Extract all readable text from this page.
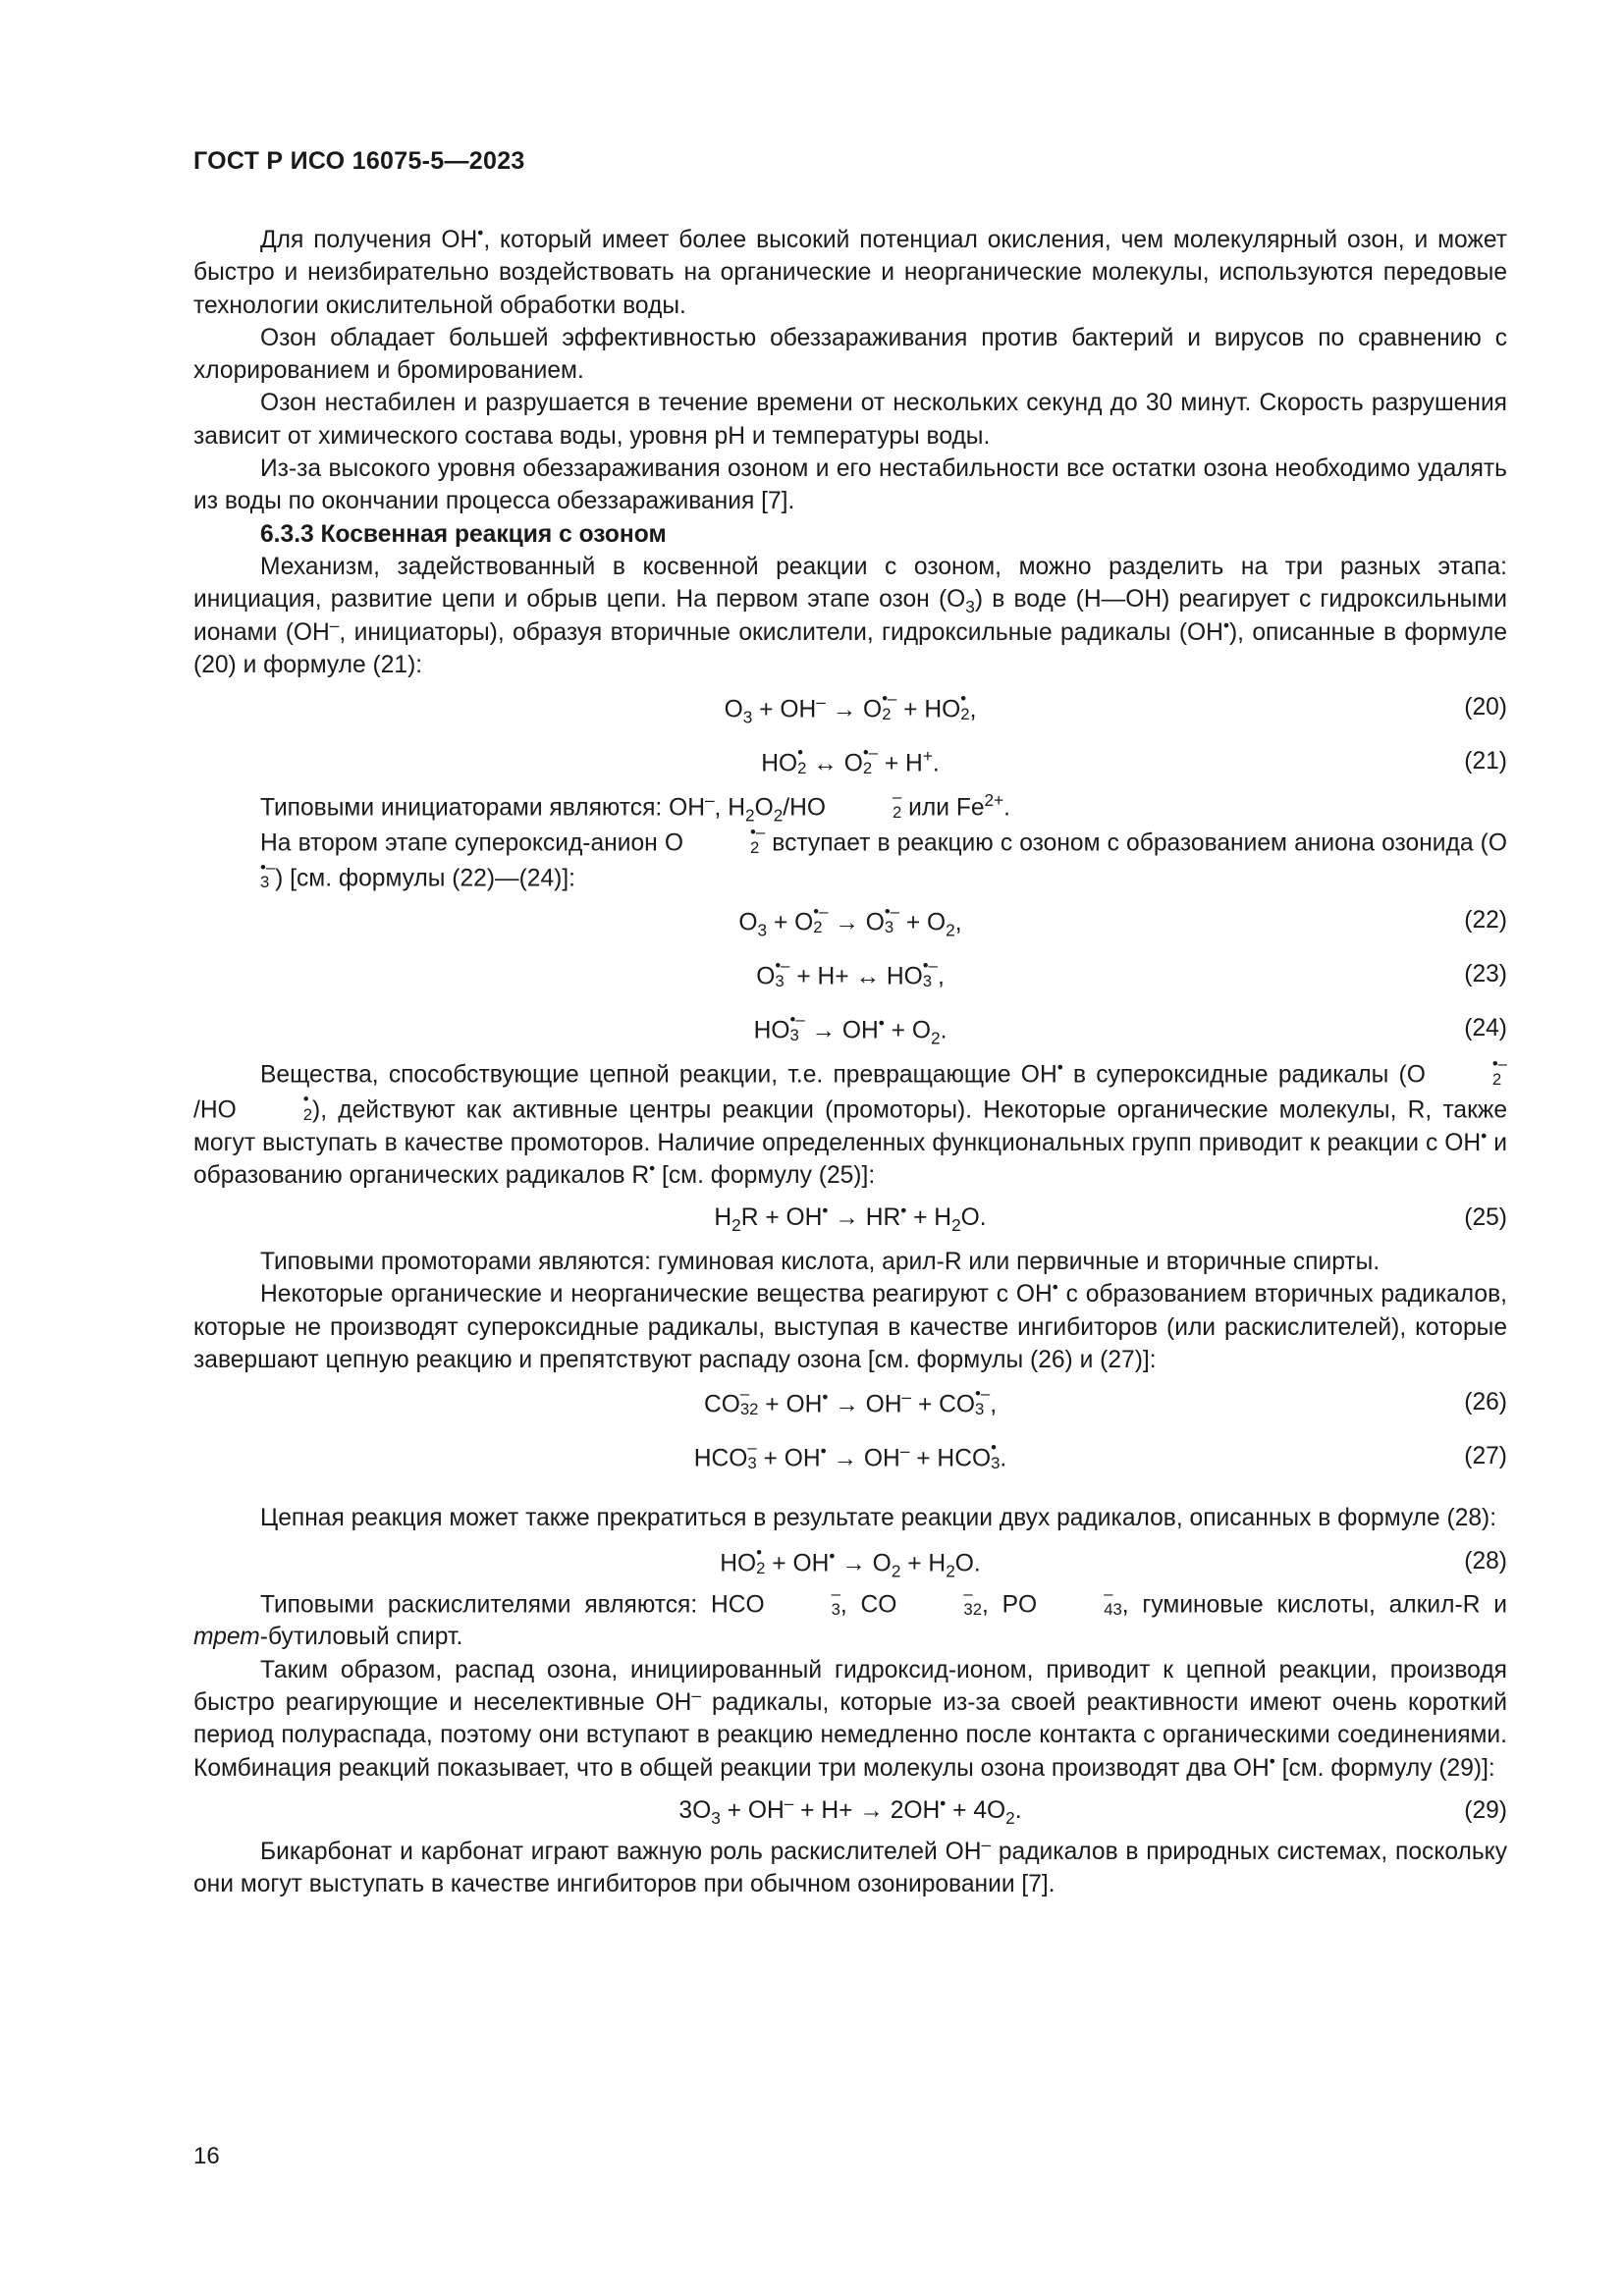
ГОСТ Р ИСО 16075-5—2023

Для получения OH•, который имеет более высокий потенциал окисления, чем молекулярный озон, и может быстро и неизбирательно воздействовать на органические и неорганические молекулы, используются передовые технологии окислительной обработки воды.

Озон обладает большей эффективностью обеззараживания против бактерий и вирусов по сравнению с хлорированием и бромированием.

Озон нестабилен и разрушается в течение времени от нескольких секунд до 30 минут. Скорость разрушения зависит от химического состава воды, уровня pH и температуры воды.

Из-за высокого уровня обеззараживания озоном и его нестабильности все остатки озона необходимо удалять из воды по окончании процесса обеззараживания [7].

6.3.3 Косвенная реакция с озоном

Механизм, задействованный в косвенной реакции с озоном, можно разделить на три разных этапа: инициация, развитие цепи и обрыв цепи. На первом этапе озон $(O_3)$ в воде (H—OH) реагирует с гидроксильными ионами (OH–, инициаторы), образуя вторичные окислители, гидроксильные радикалы (OH•), описанные в формуле (20) и формуле (21):

$O_3 + OH^- \to O$ •–
2 + HO •
2 ,	(20)
HO •
2 ↔ O •–
2 + H+.	(21)

Типовыми инициаторами являются: OH–, $H_2O_2/HO$	–
2 или $Fe^{2+}$.

На втором этапе супероксид-анион O	•–
2 вступает в реакцию с озоном с образованием аниона озонида (O
•–
3 ) [см. формулы (22)—(24)]:

$O_3 + O$ •–
2 → O •–
$3 + O_2$,	(22)
O •–
3 + H+ ↔ HO •–
3 ,	(23)
HO •–
$3 \to OH^• + O_2$.	(24)

Вещества, способствующие цепной реакции, т.е. превращающие OH• в супероксидные радикалы (O	•–
2
/HO	•
2 ), действуют как активные центры реакции (промоторы). Некоторые органические молекулы, R, также могут выступать в качестве промоторов. Наличие определенных функциональных групп приводит к реакции с OH• и образованию органических радикалов R• [см. формулу (25)]:

$H_2R + OH^• \to HR^• + H_2O$.	(25)

Типовыми промоторами являются: гуминовая кислота, арил-R или первичные и вторичные спирты.

Некоторые органические и неорганические вещества реагируют с OH• с образованием вторичных радикалов, которые не производят супероксидные радикалы, выступая в качестве ингибиторов (или раскислителей), которые завершают цепную реакцию и препятствуют распаду озона [см. формулы (26) и (27)]:

CO –
32 + OH• → OH– + CO •–
3 ,	(26)
HCO –
3 + OH• → OH– + HCO •
3 .	(27)

Цепная реакция может также прекратиться в результате реакции двух радикалов, описанных в формуле (28):

HO •
$2 + OH^• \to O_2 + H_2O$.	(28)

Типовыми раскислителями являются: HCO	–
3 , CO	–
32 , PO	–
43 , гуминовые кислоты, алкил-R и трет-бутиловый спирт.

Таким образом, распад озона, инициированный гидроксид-ионом, приводит к цепной реакции, производя быстро реагирующие и неселективные OH– радикалы, которые из-за своей реактивности имеют очень короткий период полураспада, поэтому они вступают в реакцию немедленно после контакта с органическими соединениями. Комбинация реакций показывает, что в общей реакции три молекулы озона производят два OH• [см. формулу (29)]:

$3O_3 + OH^- + H+ \to 2OH^• + 4O_2$.	(29)

Бикарбонат и карбонат играют важную роль раскислителей OH– радикалов в природных системах, поскольку они могут выступать в качестве ингибиторов при обычном озонировании [7].

16
